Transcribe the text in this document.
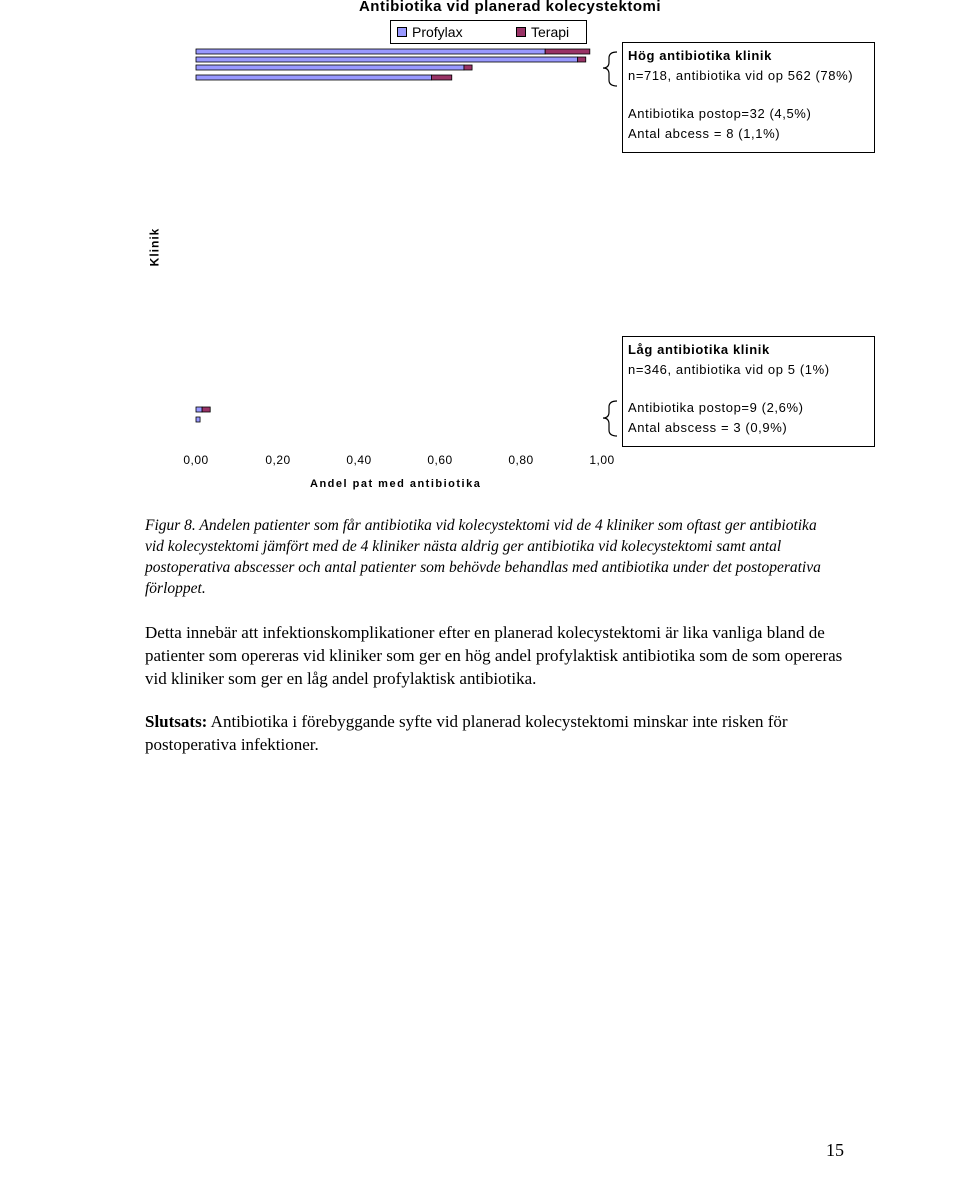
Antibiotika vid planerad kolecystektomi
Profylax	Terapi
Klinik
0,00	0,20	0,40	0,60	0,80	1,00
Andel pat med antibiotika
Hög antibiotika klinik
n=718, antibiotika vid op 562 (78%)
Antibiotika postop=32 (4,5%)
Antal abcess = 8 (1,1%)
Låg antibiotika klinik
n=346, antibiotika vid op 5 (1%)
Antibiotika postop=9 (2,6%)
Antal abscess = 3 (0,9%)
Figur 8. Andelen patienter som får antibiotika vid kolecystektomi vid de 4 kliniker som oftast ger antibiotika vid kolecystektomi jämfört med de 4 kliniker nästa aldrig ger antibiotika vid kolecystektomi samt antal postoperativa abscesser och antal patienter som behövde behandlas med antibiotika under det postoperativa förloppet.
Detta innebär att infektionskomplikationer efter en planerad kolecystektomi är lika vanliga bland de patienter som opereras vid kliniker som ger en hög andel profylaktisk antibiotika som de som opereras vid kliniker som ger en låg andel profylaktisk antibiotika.
Slutsats: Antibiotika i förebyggande syfte vid planerad kolecystektomi minskar inte risken för postoperativa infektioner.
15
